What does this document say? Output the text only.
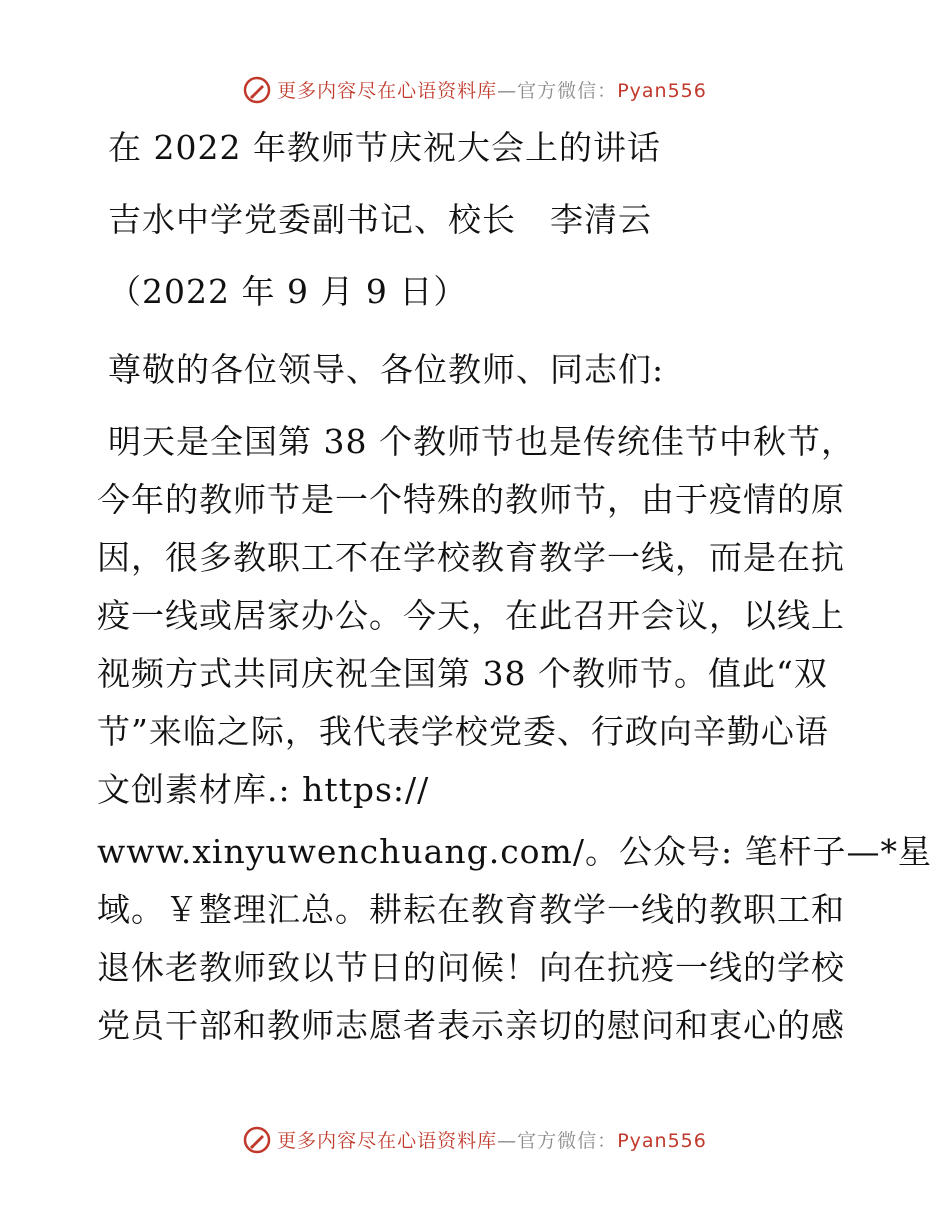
更多内容尽在心语资料库—官方微信：Pyan556
在 2022 年教师节庆祝大会上的讲话
吉水中学党委副书记、校长　李清云
（2022 年 9 月 9 日）
尊敬的各位领导、各位教师、同志们:
明天是全国第 38 个教师节也是传统佳节中秋节，
今年的教师节是一个特殊的教师节，由于疫情的原
因，很多教职工不在学校教育教学一线，而是在抗
疫一线或居家办公。今天，在此召开会议，以线上
视频方式共同庆祝全国第 38 个教师节。值此“双
节”来临之际，我代表学校党委、行政向辛勤心语
文创素材库.: https://
www.xinyuwenchuang.com/。公众号: 笔杆子—*星
域。￥整理汇总。耕耘在教育教学一线的教职工和
退休老教师致以节日的问候！向在抗疫一线的学校
党员干部和教师志愿者表示亲切的慰问和衷心的感
更多内容尽在心语资料库—官方微信：Pyan556
